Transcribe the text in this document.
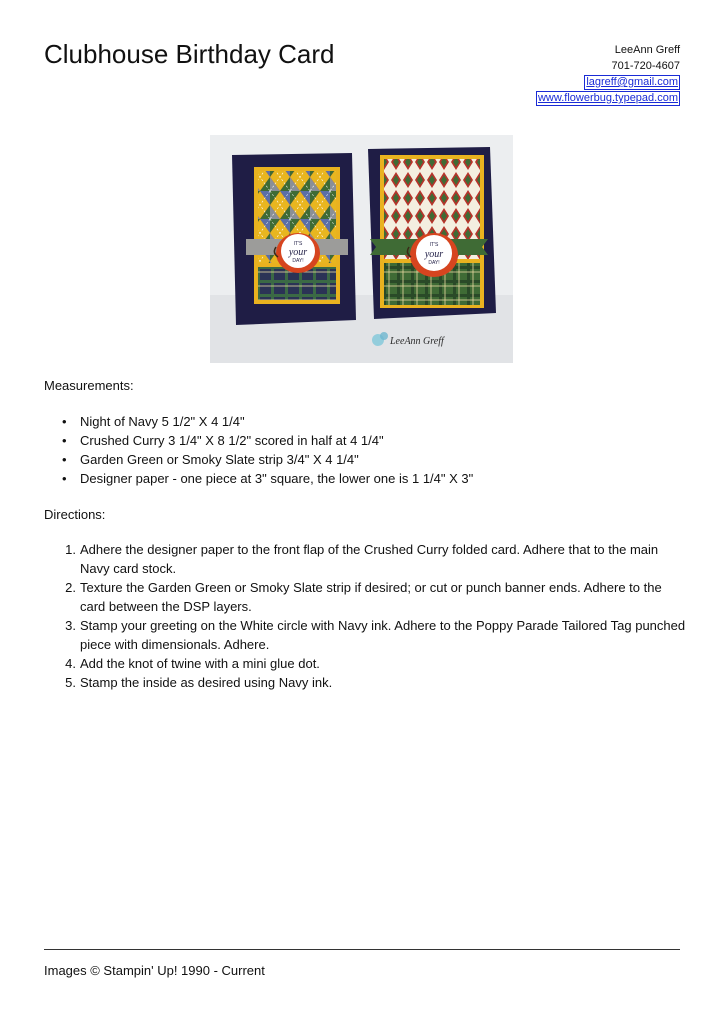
Clubhouse Birthday Card	LeeAnn Greff
701-720-4607
lagreff@gmail.com
www.flowerbug.typepad.com
IT'S
your
DAY!
IT'S
your
DAY!
LeeAnn Greff
Measurements:
• Night of Navy 5 1/2" X 4 1/4"
• Crushed Curry 3 1/4" X 8 1/2" scored in half at 4 1/4"
• Garden Green or Smoky Slate strip 3/4" X 4 1/4"
• Designer paper - one piece at 3" square, the lower one is 1 1/4" X 3"
Directions:
1. Adhere the designer paper to the front flap of the Crushed Curry folded card. Adhere that to the main Navy card stock.
2. Texture the Garden Green or Smoky Slate strip if desired; or cut or punch banner ends. Adhere to the card between the DSP layers.
3. Stamp your greeting on the White circle with Navy ink. Adhere to the Poppy Parade Tailored Tag punched piece with dimensionals. Adhere.
4. Add the knot of twine with a mini glue dot.
5. Stamp the inside as desired using Navy ink.
Images © Stampin' Up! 1990 - Current
